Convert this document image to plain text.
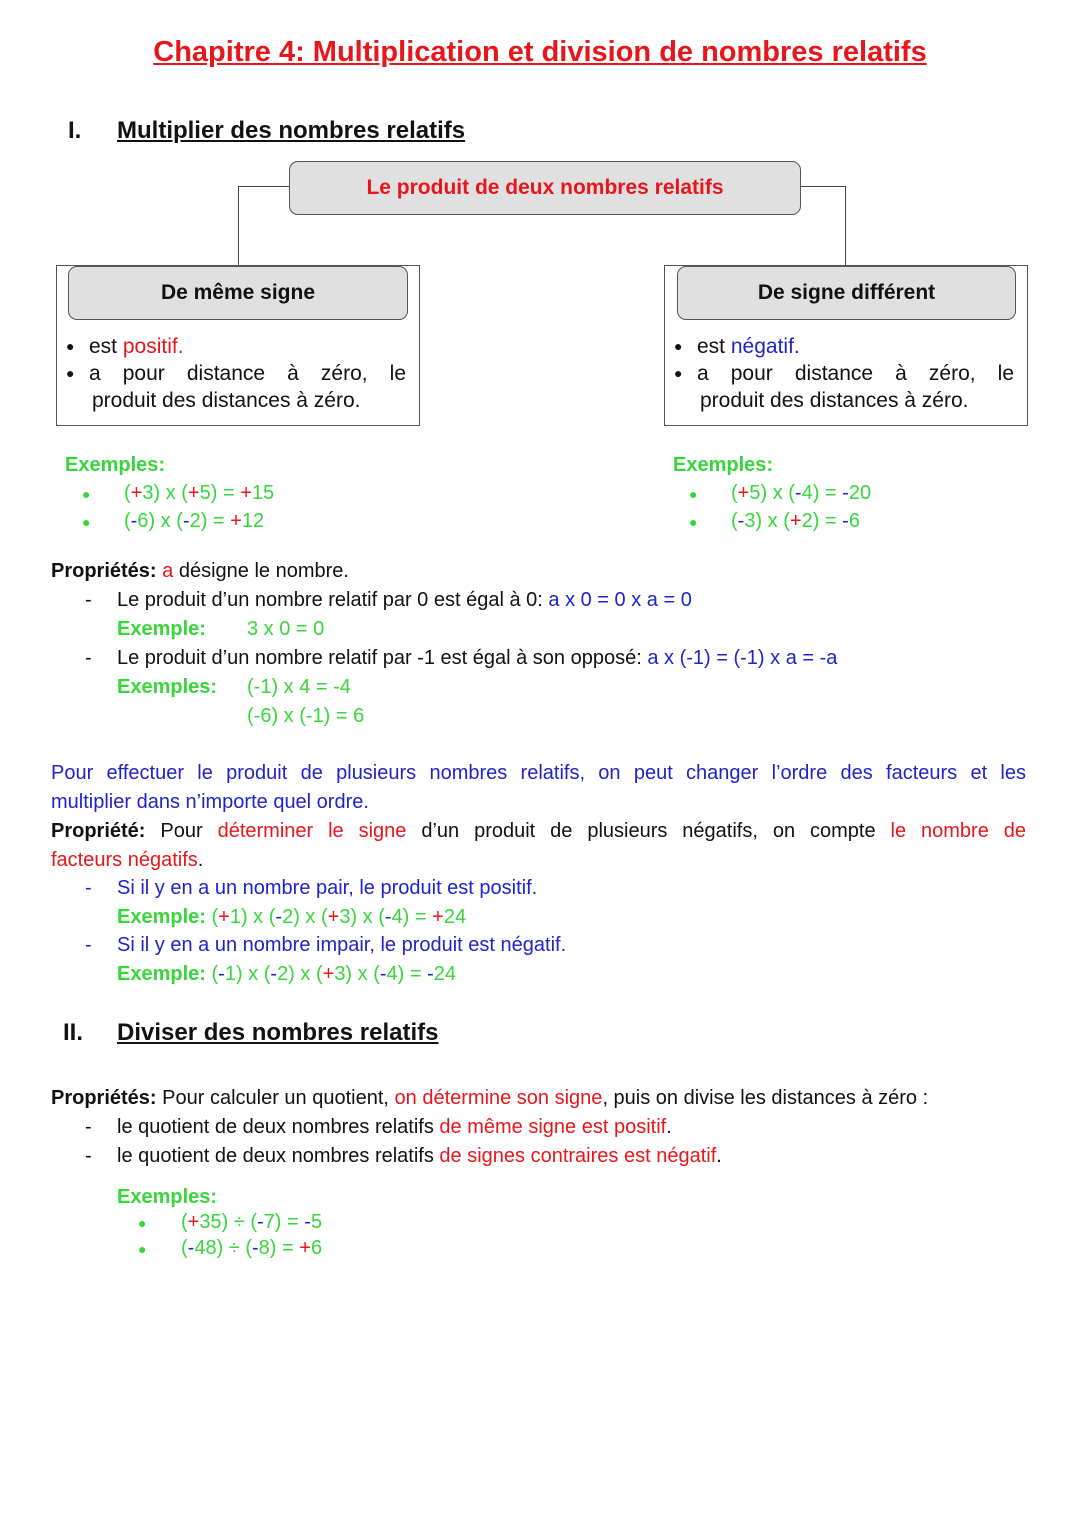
Chapitre 4: Multiplication et division de nombres relatifs
I. Multiplier des nombres relatifs
Le produit de deux nombres relatifs
De même signe
● est positif.
● a pour distance à zéro, le
produit des distances à zéro.
De signe différent
● est négatif.
● a pour distance à zéro, le
produit des distances à zéro.
Exemples:
● (+3) x (+5) = +15
● (-6) x (-2) = +12
Exemples:
● (+5) x (-4) = -20
● (-3) x (+2) = -6
Propriétés: a désigne le nombre.
- Le produit d’un nombre relatif par 0 est égal à 0: a x 0 = 0 x a = 0
Exemple: 3 x 0 = 0
- Le produit d’un nombre relatif par -1 est égal à son opposé: a x (-1) = (-1) x a = -a
Exemples: (-1) x 4 = -4
(-6) x (-1) = 6
Pour effectuer le produit de plusieurs nombres relatifs, on peut changer l’ordre des facteurs et les
multiplier dans n’importe quel ordre.
Propriété: Pour déterminer le signe d’un produit de plusieurs négatifs, on compte le nombre de
facteurs négatifs.
- Si il y en a un nombre pair, le produit est positif.
Exemple: (+1) x (-2) x (+3) x (-4) = +24
- Si il y en a un nombre impair, le produit est négatif.
Exemple: (-1) x (-2) x (+3) x (-4) = -24
II. Diviser des nombres relatifs
Propriétés: Pour calculer un quotient, on détermine son signe, puis on divise les distances à zéro :
- le quotient de deux nombres relatifs de même signe est positif.
- le quotient de deux nombres relatifs de signes contraires est négatif.
Exemples:
● (+35) ÷ (-7) = -5
● (-48) ÷ (-8) = +6
